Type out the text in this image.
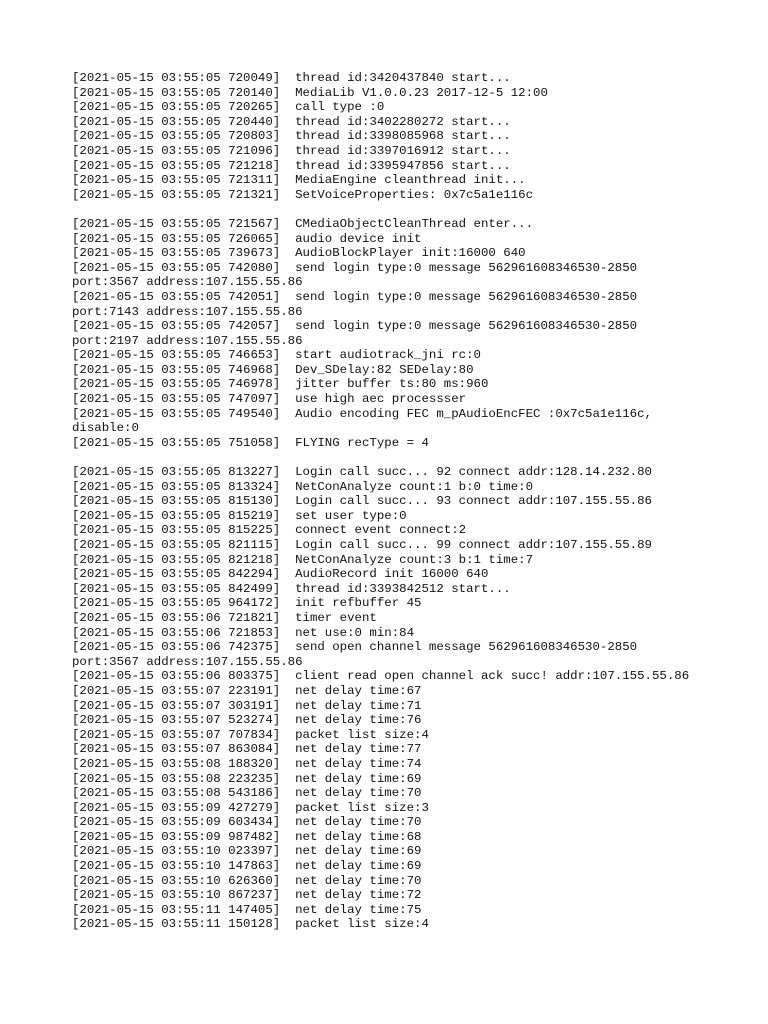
[2021-05-15 03:55:05 720049]  thread id:3420437840 start...
[2021-05-15 03:55:05 720140]  MediaLib V1.0.0.23 2017-12-5 12:00
[2021-05-15 03:55:05 720265]  call type :0
[2021-05-15 03:55:05 720440]  thread id:3402280272 start...
[2021-05-15 03:55:05 720803]  thread id:3398085968 start...
[2021-05-15 03:55:05 721096]  thread id:3397016912 start...
[2021-05-15 03:55:05 721218]  thread id:3395947856 start...
[2021-05-15 03:55:05 721311]  MediaEngine cleanthread init...
[2021-05-15 03:55:05 721321]  SetVoiceProperties: 0x7c5a1e116c
[2021-05-15 03:55:05 721567]  CMediaObjectCleanThread enter...
[2021-05-15 03:55:05 726065]  audio device init
[2021-05-15 03:55:05 739673]  AudioBlockPlayer init:16000 640
[2021-05-15 03:55:05 742080]  send login type:0 message 562961608346530-2850
port:3567 address:107.155.55.86
[2021-05-15 03:55:05 742051]  send login type:0 message 562961608346530-2850
port:7143 address:107.155.55.86
[2021-05-15 03:55:05 742057]  send login type:0 message 562961608346530-2850
port:2197 address:107.155.55.86
[2021-05-15 03:55:05 746653]  start audiotrack_jni rc:0
[2021-05-15 03:55:05 746968]  Dev_SDelay:82 SEDelay:80
[2021-05-15 03:55:05 746978]  jitter buffer ts:80 ms:960
[2021-05-15 03:55:05 747097]  use high aec processser
[2021-05-15 03:55:05 749540]  Audio encoding FEC m_pAudioEncFEC :0x7c5a1e116c,
disable:0
[2021-05-15 03:55:05 751058]  FLYING recType = 4
[2021-05-15 03:55:05 813227]  Login call succ... 92 connect addr:128.14.232.80
[2021-05-15 03:55:05 813324]  NetConAnalyze count:1 b:0 time:0
[2021-05-15 03:55:05 815130]  Login call succ... 93 connect addr:107.155.55.86
[2021-05-15 03:55:05 815219]  set user type:0
[2021-05-15 03:55:05 815225]  connect event connect:2
[2021-05-15 03:55:05 821115]  Login call succ... 99 connect addr:107.155.55.89
[2021-05-15 03:55:05 821218]  NetConAnalyze count:3 b:1 time:7
[2021-05-15 03:55:05 842294]  AudioRecord init 16000 640
[2021-05-15 03:55:05 842499]  thread id:3393842512 start...
[2021-05-15 03:55:05 964172]  init refbuffer 45
[2021-05-15 03:55:06 721821]  timer event
[2021-05-15 03:55:06 721853]  net use:0 min:84
[2021-05-15 03:55:06 742375]  send open channel message 562961608346530-2850
port:3567 address:107.155.55.86
[2021-05-15 03:55:06 803375]  client read open channel ack succ! addr:107.155.55.86
[2021-05-15 03:55:07 223191]  net delay time:67
[2021-05-15 03:55:07 303191]  net delay time:71
[2021-05-15 03:55:07 523274]  net delay time:76
[2021-05-15 03:55:07 707834]  packet list size:4
[2021-05-15 03:55:07 863084]  net delay time:77
[2021-05-15 03:55:08 188320]  net delay time:74
[2021-05-15 03:55:08 223235]  net delay time:69
[2021-05-15 03:55:08 543186]  net delay time:70
[2021-05-15 03:55:09 427279]  packet list size:3
[2021-05-15 03:55:09 603434]  net delay time:70
[2021-05-15 03:55:09 987482]  net delay time:68
[2021-05-15 03:55:10 023397]  net delay time:69
[2021-05-15 03:55:10 147863]  net delay time:69
[2021-05-15 03:55:10 626360]  net delay time:70
[2021-05-15 03:55:10 867237]  net delay time:72
[2021-05-15 03:55:11 147405]  net delay time:75
[2021-05-15 03:55:11 150128]  packet list size:4
